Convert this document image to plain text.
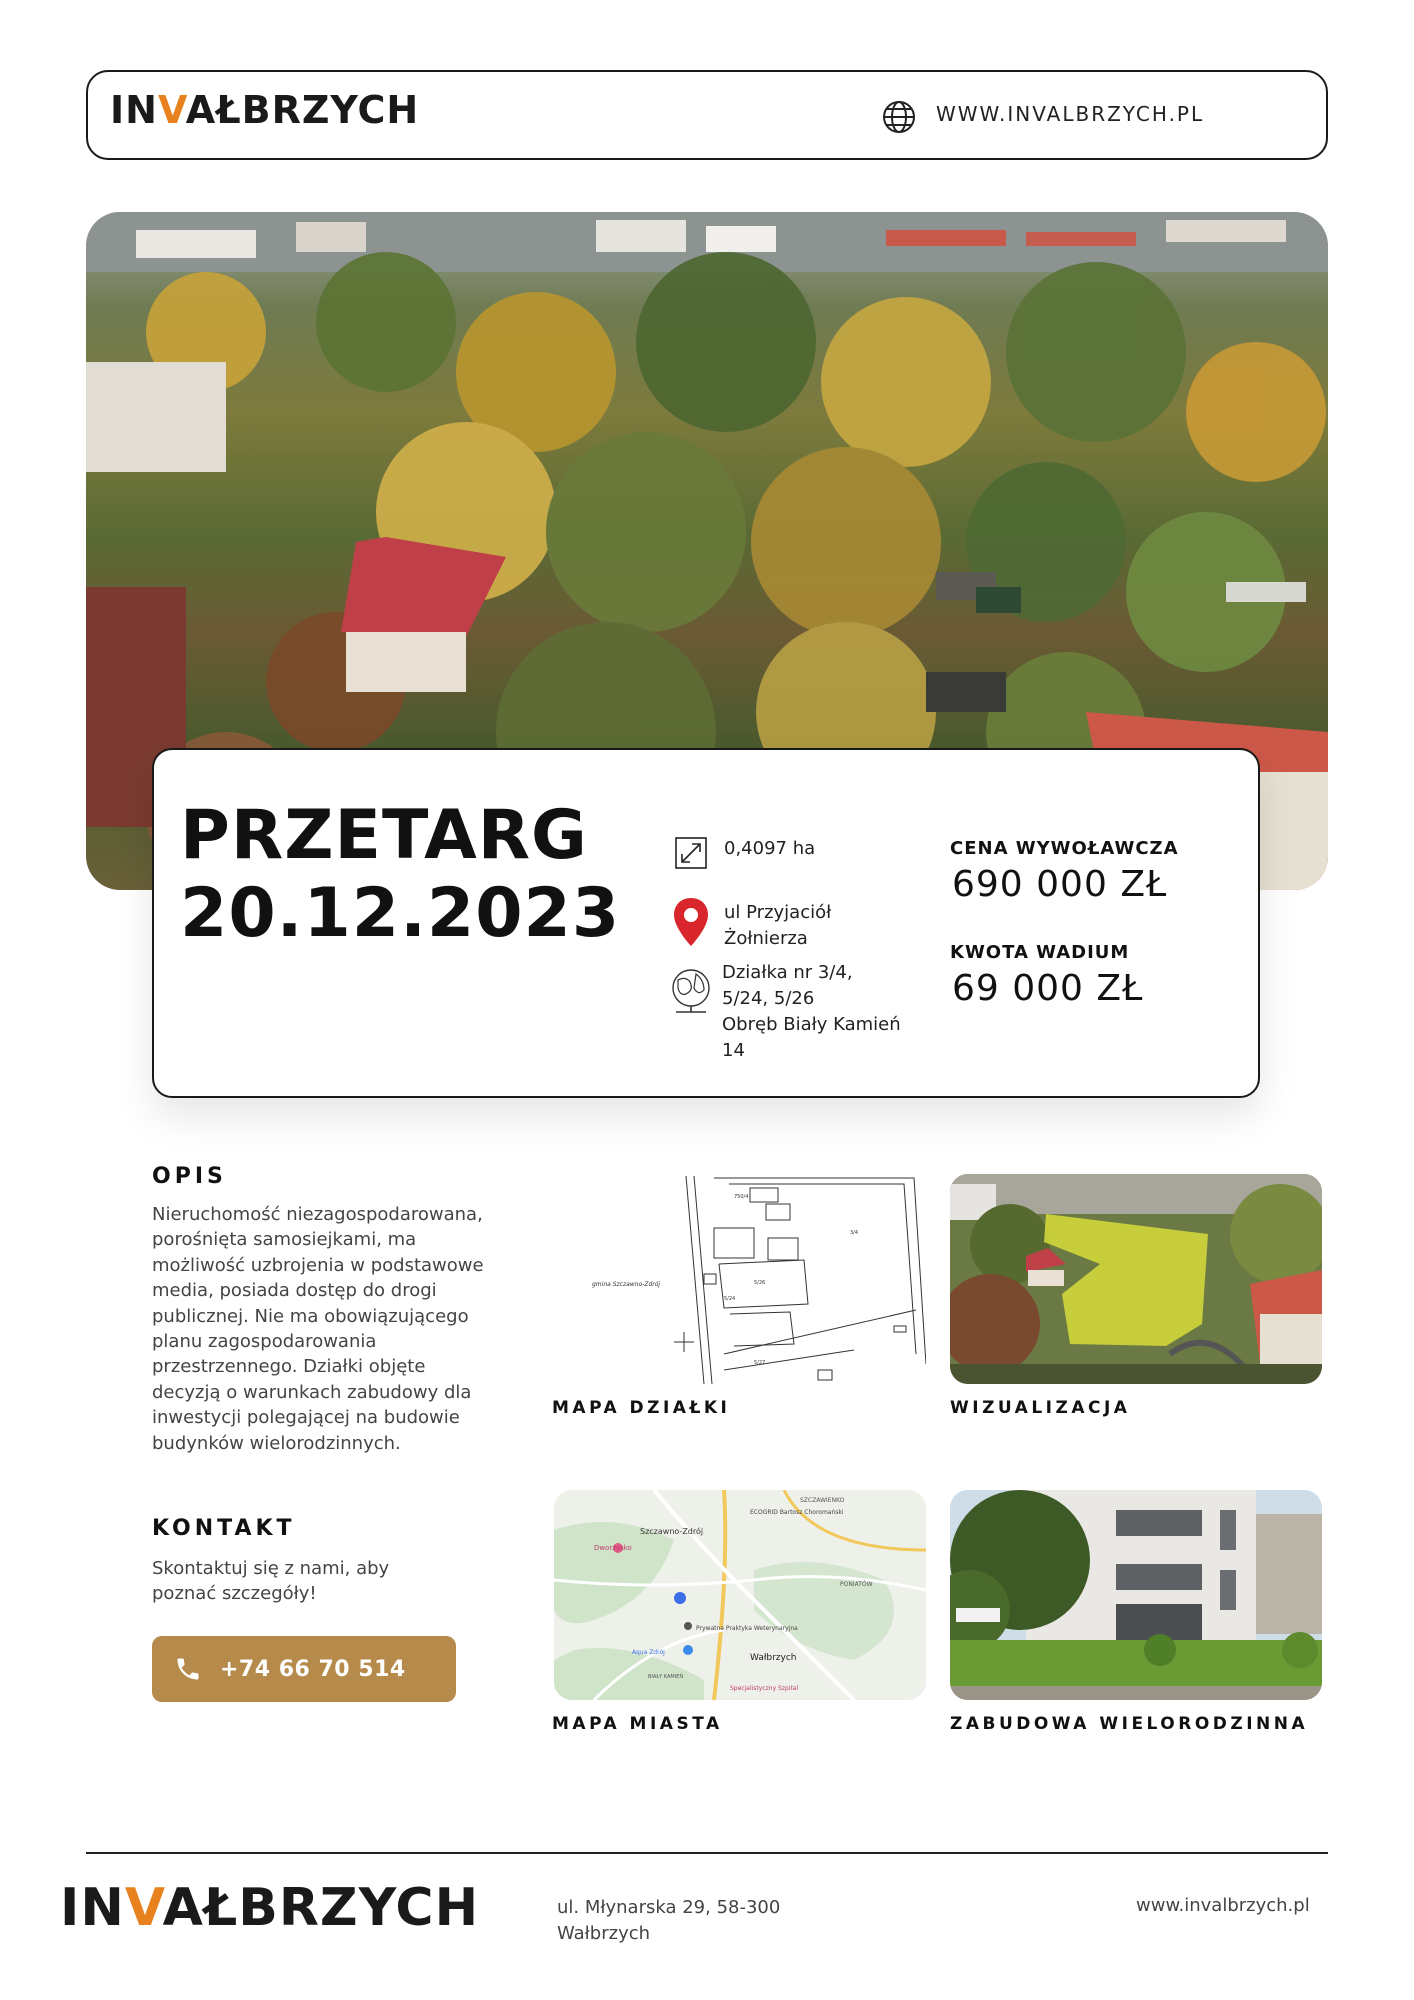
INVAŁBRZYCH	WWW.INVALBRZYCH.PL
PRZETARG
20.12.2023
0,4097 ha
ul Przyjaciół
Żołnierza
Działka nr 3/4,
5/24, 5/26
Obręb Biały Kamień
14
CENA WYWOŁAWCZA
690 000 ZŁ
KWOTA WADIUM
69 000 ZŁ
OPIS
Nieruchomość niezagospodarowana,
porośnięta samosiejkami, ma
możliwość uzbrojenia w podstawowe
media, posiada dostęp do drogi
publicznej. Nie ma obowiązującego
planu zagospodarowania
przestrzennego. Działki objęte
decyzją o warunkach zabudowy dla
inwestycji polegającej na budowie
budynków wielorodzinnych.
KONTAKT
Skontaktuj się z nami, aby
poznać szczegóły!
+74 66 70 514
750/4
5/26
5/24
3/4
5/27
gmina Szczawno-Zdrój
MAPA DZIAŁKI	WIZUALIZACJA
Szczawno-Zdrój
SZCZAWIENKO
ECOGRID Bartosz Choromański
Dworzysko
PONIATÓW
Prywatna Praktyka Weterynaryjna
Wałbrzych
Aqua Zdrój
BIAŁY KAMIEŃ
Specjalistyczny Szpital
MAPA MIASTA	ZABUDOWA WIELORODZINNA
INVAŁBRZYCH	ul. Młynarska 29, 58-300
Wałbrzych
www.invalbrzych.pl
